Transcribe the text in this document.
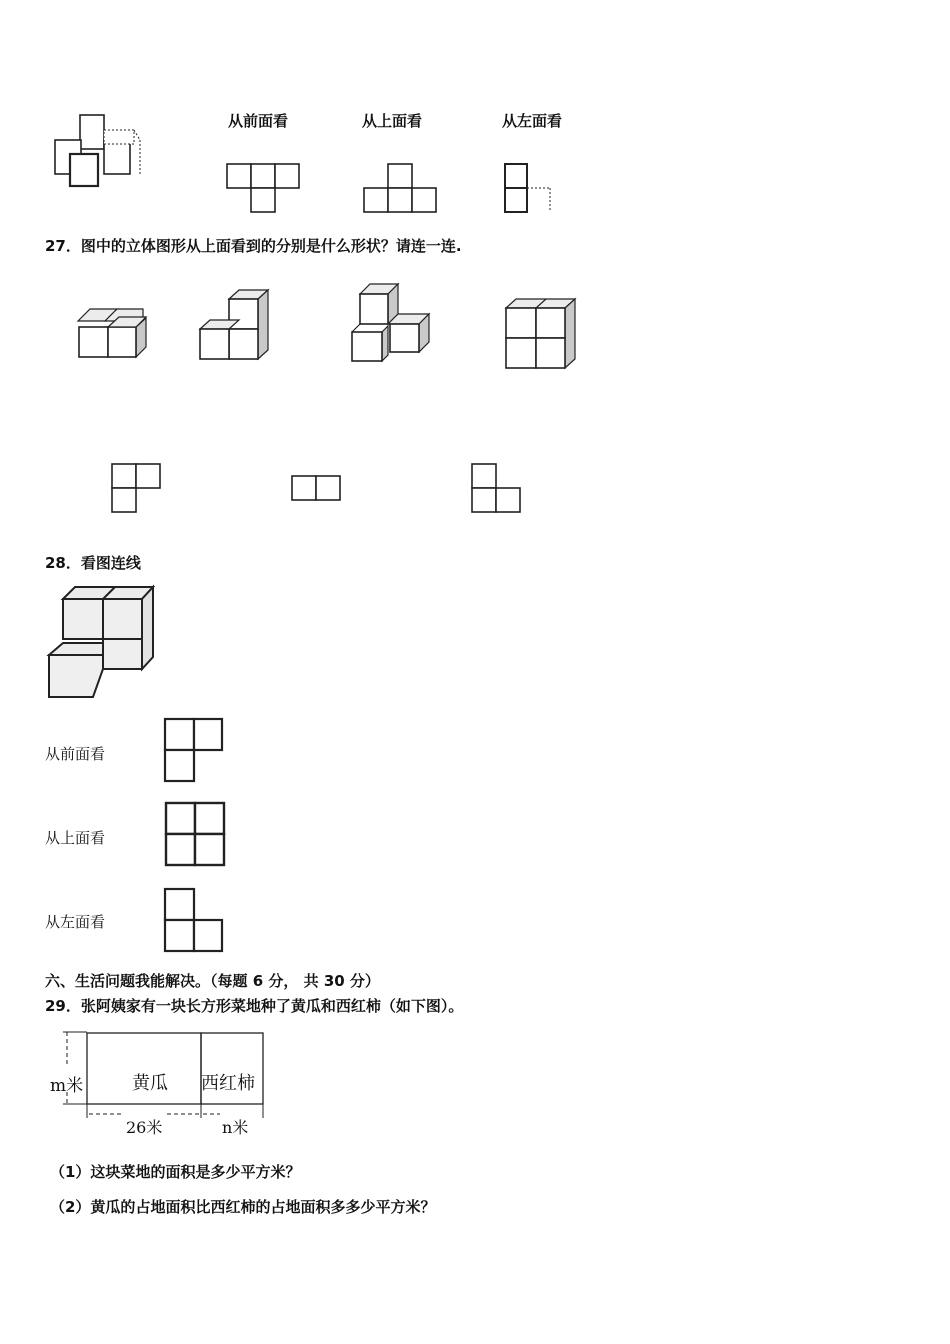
从前面看	从上面看	从左面看
27．图中的立体图形从上面看到的分别是什么形状？请连一连.
28．看图连线
从前面看
从上面看
从左面看
六、生活问题我能解决。（每题 6 分， 共 30 分）
29．张阿姨家有一块长方形菜地种了黄瓜和西红柿（如下图）。
m米	黄瓜 西红柿
26米	n米
（1）这块菜地的面积是多少平方米？
（2）黄瓜的占地面积比西红柿的占地面积多多少平方米？
